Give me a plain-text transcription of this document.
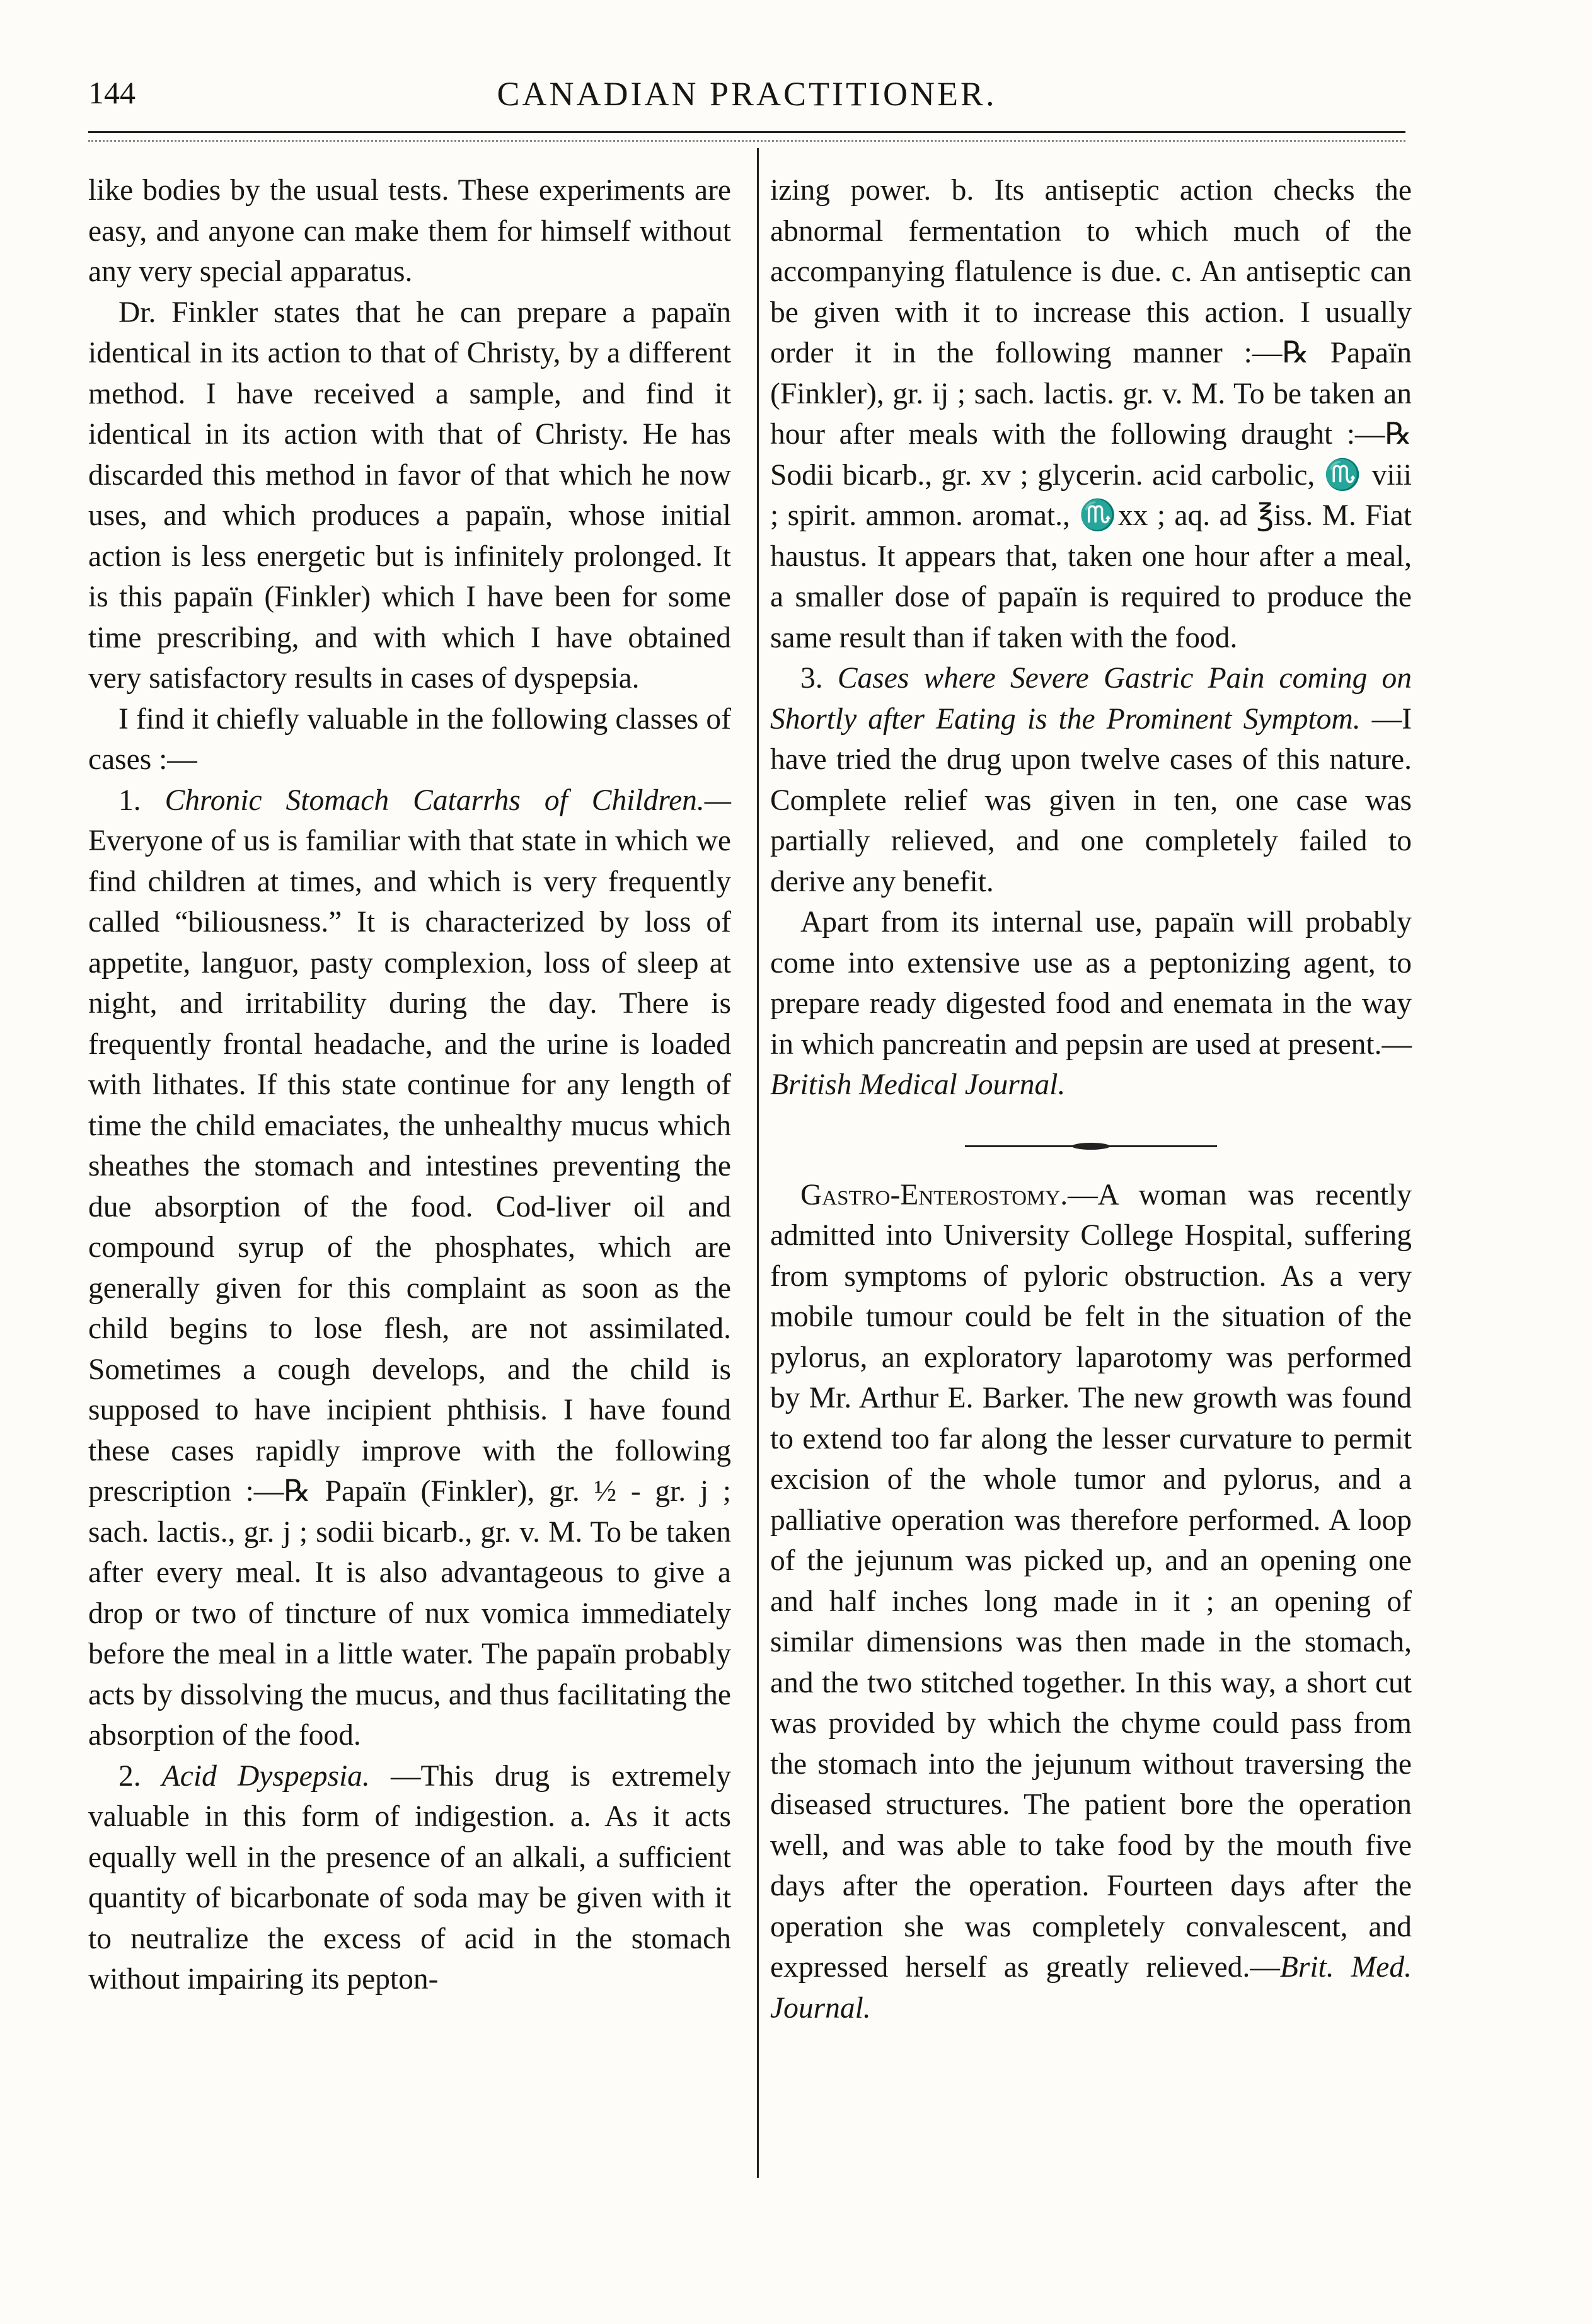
144	CANADIAN PRACTITIONER.

like bodies by the usual tests. These experiments are easy, and anyone can make them for himself without any very special apparatus.

Dr. Finkler states that he can prepare a papaïn identical in its action to that of Christy, by a different method. I have received a sample, and find it identical in its action with that of Christy. He has discarded this method in favor of that which he now uses, and which produces a papaïn, whose initial action is less energetic but is infinitely prolonged. It is this papaïn (Finkler) which I have been for some time prescribing, and with which I have obtained very satisfactory results in cases of dyspepsia.

I find it chiefly valuable in the following classes of cases :—

1. Chronic Stomach Catarrhs of Children.— Everyone of us is familiar with that state in which we find children at times, and which is very frequently called “biliousness.” It is characterized by loss of appetite, languor, pasty complexion, loss of sleep at night, and irritability during the day. There is frequently frontal headache, and the urine is loaded with lithates. If this state continue for any length of time the child emaciates, the unhealthy mucus which sheathes the stomach and intestines preventing the due absorption of the food. Cod-liver oil and compound syrup of the phosphates, which are generally given for this complaint as soon as the child begins to lose flesh, are not assimilated. Sometimes a cough develops, and the child is supposed to have incipient phthisis. I have found these cases rapidly improve with the following prescription :—℞ Papaïn (Finkler), gr. ½ - gr. j ; sach. lactis., gr. j ; sodii bicarb., gr. v. M. To be taken after every meal. It is also advantageous to give a drop or two of tincture of nux vomica immediately before the meal in a little water. The papaïn probably acts by dissolving the mucus, and thus facilitating the absorption of the food.

2. Acid Dyspepsia. —This drug is extremely valuable in this form of indigestion. a. As it acts equally well in the presence of an alkali, a sufficient quantity of bicarbonate of soda may be given with it to neutralize the excess of acid in the stomach without impairing its pepton-

izing power. b. Its antiseptic action checks the abnormal fermentation to which much of the accompanying flatulence is due. c. An antiseptic can be given with it to increase this action. I usually order it in the following manner :—℞ Papaïn (Finkler), gr. ij ; sach. lactis. gr. v. M. To be taken an hour after meals with the following draught :—℞ Sodii bicarb., gr. xv ; glycerin. acid carbolic, ♏ viii ; spirit. ammon. aromat., ♏xx ; aq. ad ℥iss. M. Fiat haustus. It appears that, taken one hour after a meal, a smaller dose of papaïn is required to produce the same result than if taken with the food.

3. Cases where Severe Gastric Pain coming on Shortly after Eating is the Prominent Symptom. —I have tried the drug upon twelve cases of this nature. Complete relief was given in ten, one case was partially relieved, and one completely failed to derive any benefit.

Apart from its internal use, papaïn will probably come into extensive use as a peptonizing agent, to prepare ready digested food and enemata in the way in which pancreatin and pepsin are used at present.—British Medical Journal.

Gastro-Enterostomy.—A woman was recently admitted into University College Hospital, suffering from symptoms of pyloric obstruction. As a very mobile tumour could be felt in the situation of the pylorus, an exploratory laparotomy was performed by Mr. Arthur E. Barker. The new growth was found to extend too far along the lesser curvature to permit excision of the whole tumor and pylorus, and a palliative operation was therefore performed. A loop of the jejunum was picked up, and an opening one and half inches long made in it ; an opening of similar dimensions was then made in the stomach, and the two stitched together. In this way, a short cut was provided by which the chyme could pass from the stomach into the jejunum without traversing the diseased structures. The patient bore the operation well, and was able to take food by the mouth five days after the operation. Fourteen days after the operation she was completely convalescent, and expressed herself as greatly relieved.—Brit. Med. Journal.
